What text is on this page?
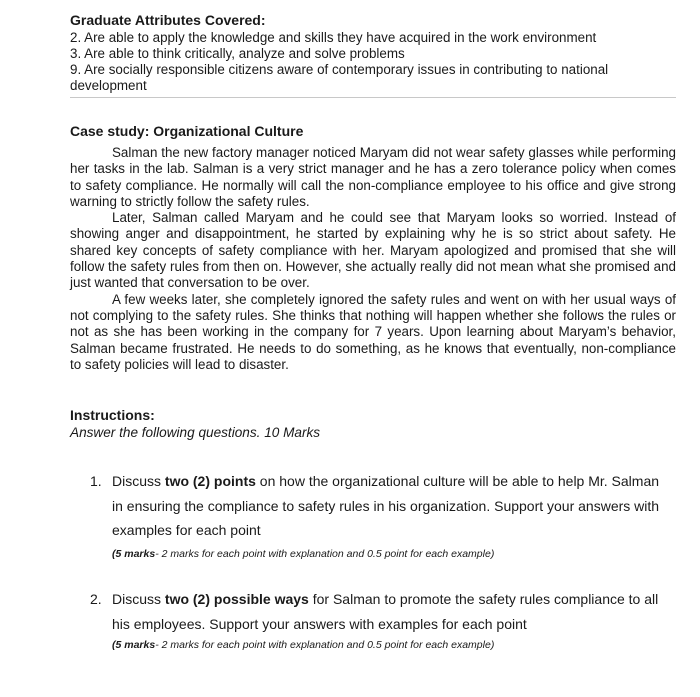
Graduate Attributes Covered:
2. Are able to apply the knowledge and skills they have acquired in the work environment
3. Are able to think critically, analyze and solve problems
9. Are socially responsible citizens aware of contemporary issues in contributing to national
development
Case study: Organizational Culture
Salman the new factory manager noticed Maryam did not wear safety glasses while performing her tasks in the lab. Salman is a very strict manager and he has a zero tolerance policy when comes to safety compliance. He normally will call the non-compliance employee to his office and give strong warning to strictly follow the safety rules.
Later, Salman called Maryam and he could see that Maryam looks so worried. Instead of showing anger and disappointment, he started by explaining why he is so strict about safety. He shared key concepts of safety compliance with her. Maryam apologized and promised that she will follow the safety rules from then on. However, she actually really did not mean what she promised and just wanted that conversation to be over.
A few weeks later, she completely ignored the safety rules and went on with her usual ways of not complying to the safety rules. She thinks that nothing will happen whether she follows the rules or not as she has been working in the company for 7 years. Upon learning about Maryam’s behavior, Salman became frustrated. He needs to do something, as he knows that eventually, non-compliance to safety policies will lead to disaster.
Instructions:
Answer the following questions. 10 Marks
1. Discuss two (2) points on how the organizational culture will be able to help Mr. Salman in ensuring the compliance to safety rules in his organization. Support your answers with examples for each point
(5 marks- 2 marks for each point with explanation and 0.5 point for each example)
2. Discuss two (2) possible ways for Salman to promote the safety rules compliance to all his employees. Support your answers with examples for each point
(5 marks- 2 marks for each point with explanation and 0.5 point for each example)
